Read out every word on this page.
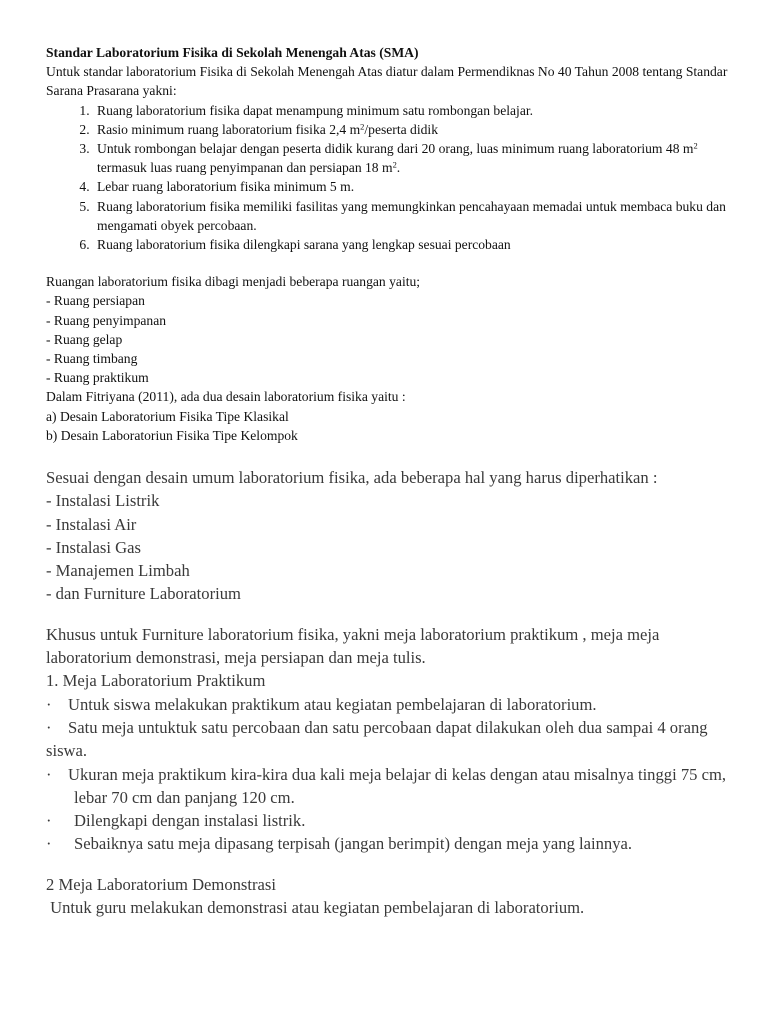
Standar Laboratorium Fisika di Sekolah Menengah Atas (SMA)
Untuk standar laboratorium Fisika di Sekolah Menengah Atas diatur dalam Permendiknas No 40 Tahun 2008 tentang Standar Sarana Prasarana yakni:
1. Ruang laboratorium fisika dapat menampung minimum satu rombongan belajar.
2. Rasio minimum ruang laboratorium fisika 2,4 $m^2$/peserta didik
3. Untuk rombongan belajar dengan peserta didik kurang dari 20 orang, luas minimum ruang laboratorium 48 $m^2$ termasuk luas ruang penyimpanan dan persiapan 18 $m^2$.
4. Lebar ruang laboratorium fisika minimum 5 m.
5. Ruang laboratorium fisika memiliki fasilitas yang memungkinkan pencahayaan memadai untuk membaca buku dan mengamati obyek percobaan.
6. Ruang laboratorium fisika dilengkapi sarana yang lengkap sesuai percobaan
Ruangan laboratorium fisika dibagi menjadi beberapa ruangan yaitu;
- Ruang persiapan
- Ruang penyimpanan
- Ruang gelap
- Ruang timbang
- Ruang praktikum
Dalam Fitriyana (2011), ada dua desain laboratorium fisika yaitu :
a) Desain Laboratorium Fisika Tipe Klasikal
b) Desain Laboratoriun Fisika Tipe Kelompok
Sesuai dengan desain umum laboratorium fisika, ada beberapa hal yang harus diperhatikan :
- Instalasi Listrik
- Instalasi Air
- Instalasi Gas
- Manajemen Limbah
- dan Furniture Laboratorium
Khusus untuk Furniture laboratorium fisika, yakni meja laboratorium praktikum , meja meja laboratorium demonstrasi, meja persiapan dan meja tulis.
1. Meja Laboratorium Praktikum
· Untuk siswa melakukan praktikum atau kegiatan pembelajaran di laboratorium.
· Satu meja untuktuk satu percobaan dan satu percobaan dapat dilakukan oleh dua sampai 4 orang siswa.
· Ukuran meja praktikum kira-kira dua kali meja belajar di kelas dengan atau misalnya tinggi 75 cm,
lebar 70 cm dan panjang 120 cm.
· Dilengkapi dengan instalasi listrik.
· Sebaiknya satu meja dipasang terpisah (jangan berimpit) dengan meja yang lainnya.
2 Meja Laboratorium Demonstrasi
Untuk guru melakukan demonstrasi atau kegiatan pembelajaran di laboratorium.
